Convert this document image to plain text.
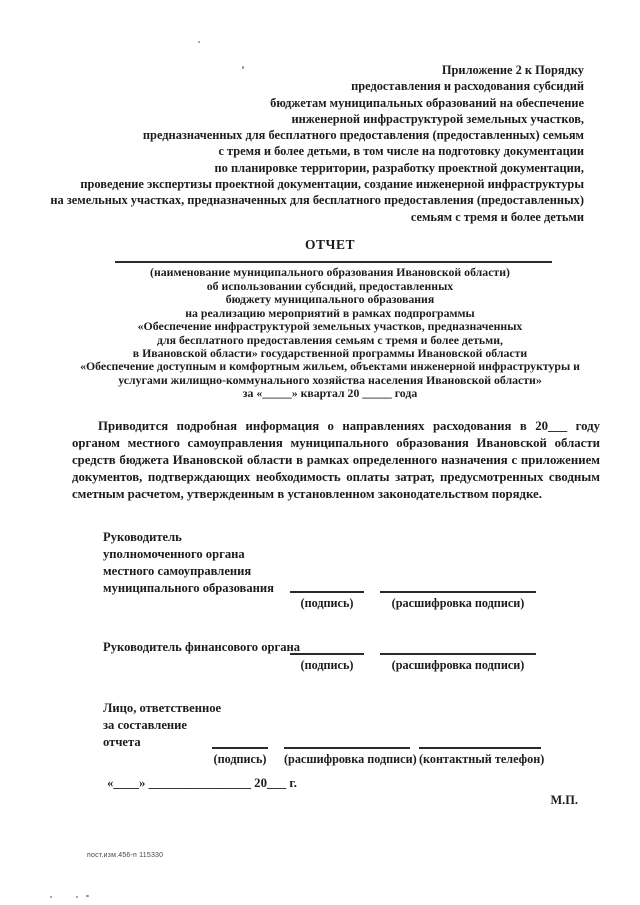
Приложение 2 к Порядку
предоставления и расходования субсидий
бюджетам муниципальных образований на обеспечение
инженерной инфраструктурой земельных участков,
предназначенных для бесплатного предоставления (предоставленных) семьям
с тремя и более детьми, в том числе на подготовку документации
по планировке территории, разработку проектной документации,
проведение экспертизы проектной документации, создание инженерной инфраструктуры
на земельных участках, предназначенных для бесплатного предоставления (предоставленных)
семьям с тремя и более детьми
ОТЧЕТ
(наименование муниципального образования Ивановской области)
об использовании субсидий, предоставленных
бюджету муниципального образования
на реализацию мероприятий в рамках подпрограммы
«Обеспечение инфраструктурой земельных участков, предназначенных
для бесплатного предоставления семьям с тремя и более детьми,
в Ивановской области» государственной программы Ивановской области
«Обеспечение доступным и комфортным жильем, объектами инженерной инфраструктуры и
услугами жилищно-коммунального хозяйства населения Ивановской области»
за «_____» квартал 20 _____ года

Приводится подробная информация о направлениях расходования в 20___ году органом местного самоуправления муниципального образования Ивановской области средств бюджета Ивановской области в рамках определенного назначения с приложением документов, подтверждающих необходимость оплаты затрат, предусмотренных сводным сметным расчетом, утвержденным в установленном законодательством порядке.

Руководитель
уполномоченного органа
местного самоуправления
муниципального образования
(подпись)	(расшифровка подписи)
Руководитель финансового органа
(подпись)	(расшифровка подписи)
Лицо, ответственное
за составление
отчета
(подпись)	(расшифровка подписи) (контактный телефон)
«____» ________________ 20___ г.
М.П.
пост.изм.456-п 115330
